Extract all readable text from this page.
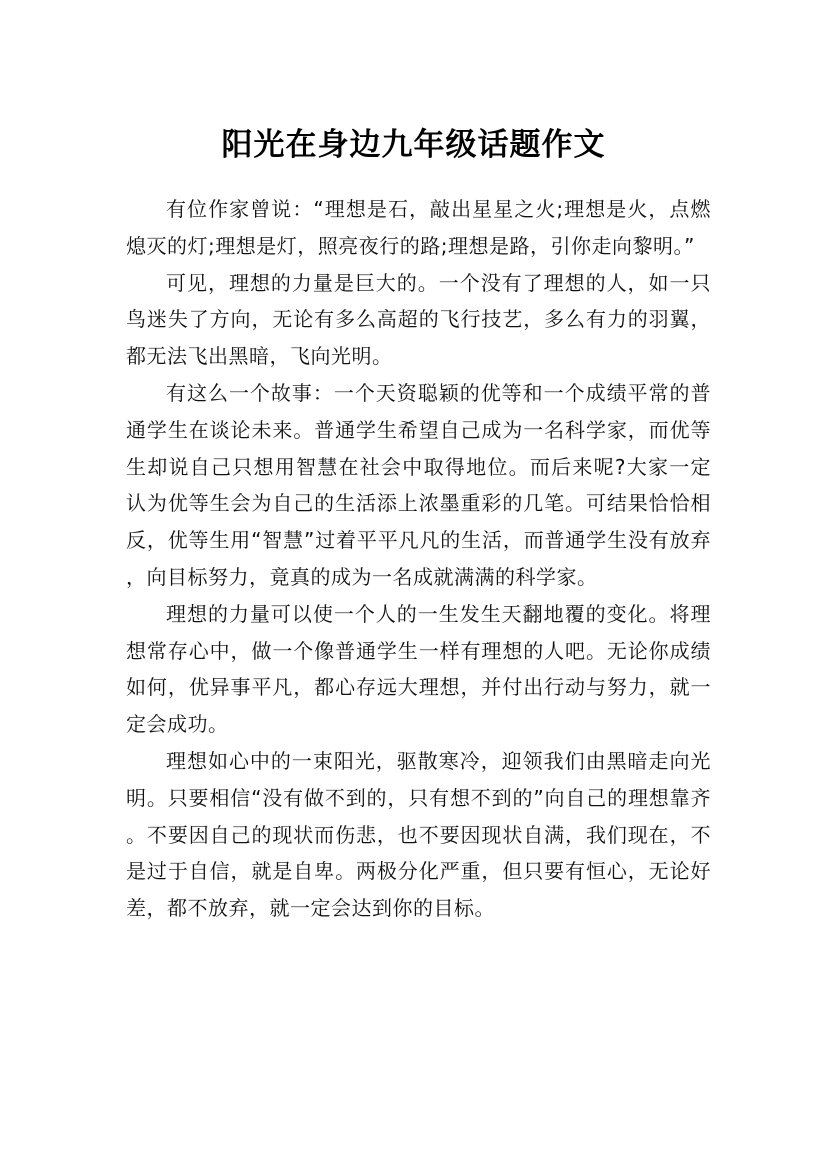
阳光在身边九年级话题作文

有位作家曾说：“理想是石，敲出星星之火;理想是火，点燃熄灭的灯;理想是灯，照亮夜行的路;理想是路，引你走向黎明。”

可见，理想的力量是巨大的。一个没有了理想的人，如一只鸟迷失了方向，无论有多么高超的飞行技艺，多么有力的羽翼，都无法飞出黑暗，飞向光明。

有这么一个故事：一个天资聪颖的优等和一个成绩平常的普通学生在谈论未来。普通学生希望自己成为一名科学家，而优等生却说自己只想用智慧在社会中取得地位。而后来呢?大家一定认为优等生会为自己的生活添上浓墨重彩的几笔。可结果恰恰相反，优等生用“智慧”过着平平凡凡的生活，而普通学生没有放弃，向目标努力，竟真的成为一名成就满满的科学家。

理想的力量可以使一个人的一生发生天翻地覆的变化。将理想常存心中，做一个像普通学生一样有理想的人吧。无论你成绩如何，优异事平凡，都心存远大理想，并付出行动与努力，就一定会成功。

理想如心中的一束阳光，驱散寒冷，迎领我们由黑暗走向光明。只要相信“没有做不到的，只有想不到的”向自己的理想靠齐。不要因自己的现状而伤悲，也不要因现状自满，我们现在，不是过于自信，就是自卑。两极分化严重，但只要有恒心，无论好差，都不放弃，就一定会达到你的目标。
